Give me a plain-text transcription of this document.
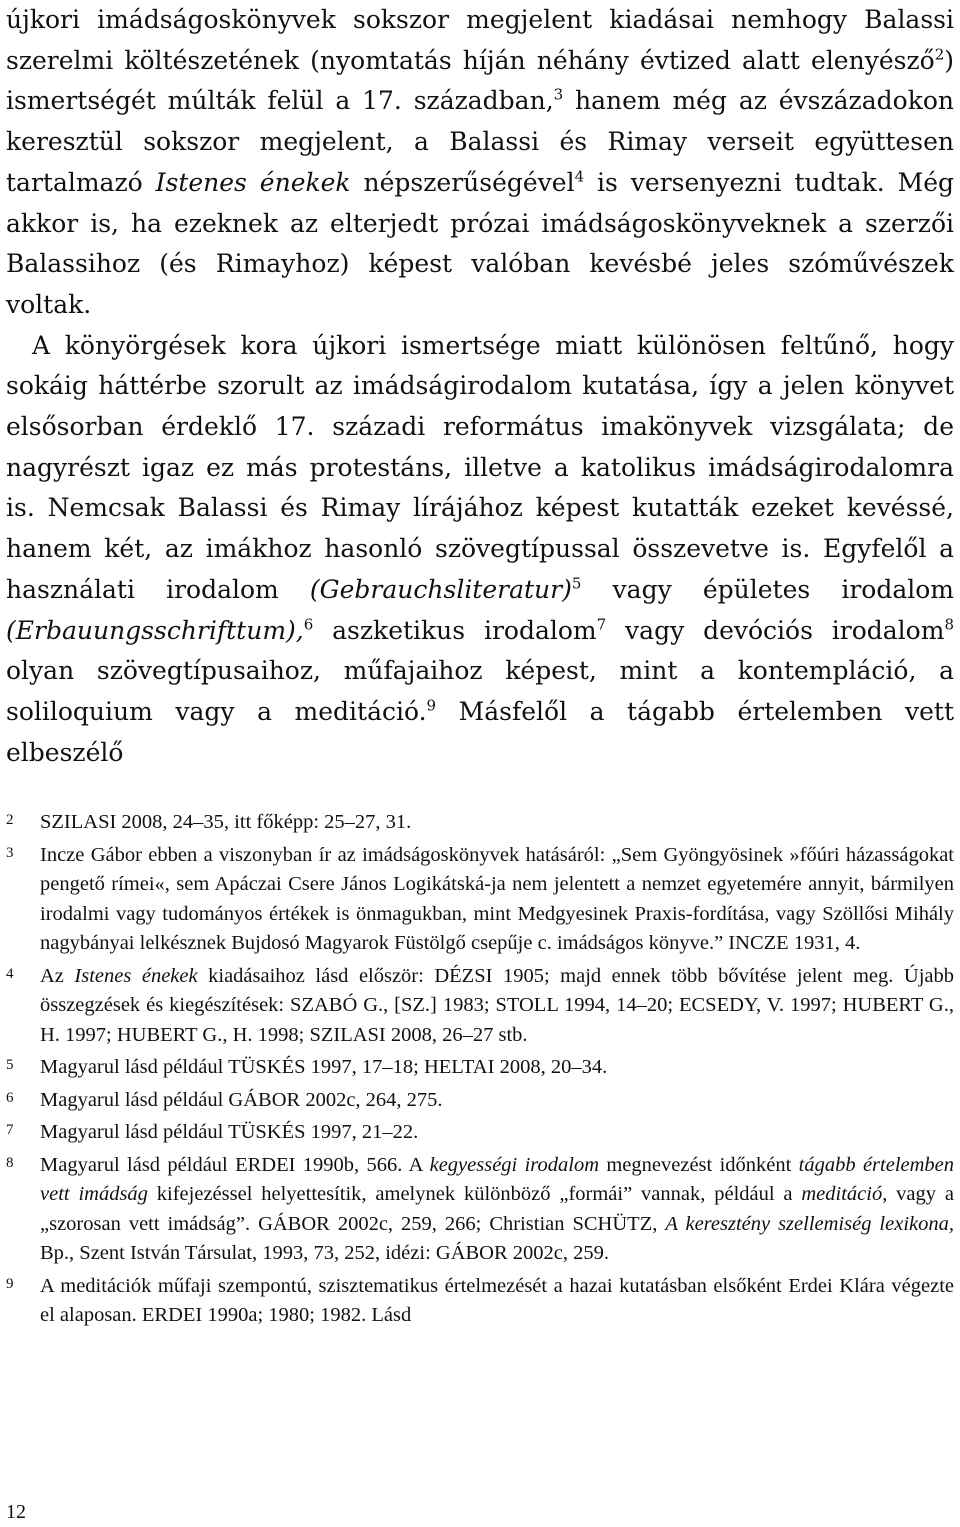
újkori imádságoskönyvek sokszor megjelent kiadásai nemhogy Balassi szerelmi költészetének (nyomtatás híján néhány évtized alatt elenyésző$^2$) ismertségét múlták felül a 17. században,$^3$ hanem még az évszázadokon keresztül sokszor megjelent, a Balassi és Rimay verseit együttesen tartalmazó Istenes énekek népszerűségével$^4$ is versenyezni tudtak. Még akkor is, ha ezeknek az elterjedt prózai imádságoskönyveknek a szerzői Balassihoz (és Rimayhoz) képest valóban kevésbé jeles szóművészek voltak.

A könyörgések kora újkori ismertsége miatt különösen feltűnő, hogy sokáig háttérbe szorult az imádságirodalom kutatása, így a jelen könyvet elsősorban érdeklő 17. századi református imakönyvek vizsgálata; de nagyrészt igaz ez más protestáns, illetve a katolikus imádságirodalomra is. Nemcsak Balassi és Rimay lírájához képest kutatták ezeket kevéssé, hanem két, az imákhoz hasonló szövegtípussal összevetve is. Egyfelől a használati irodalom (Gebrauchsliteratur)$^5$ vagy épületes irodalom (Erbauungsschrifttum),$^6$ aszketikus irodalom$^7$ vagy devóciós irodalom$^8$ olyan szövegtípusaihoz, műfajaihoz képest, mint a kontempláció, a soliloquium vagy a meditáció.$^9$ Másfelől a tágabb értelemben vett elbeszélő

2	SZILASI 2008, 24–35, itt főképp: 25–27, 31.
3	Incze Gábor ebben a viszonyban ír az imádságoskönyvek hatásáról: „Sem Gyöngyösinek »főúri házasságokat pengető rímei«, sem Apáczai Csere János Logikátská-ja nem jelentett a nemzet egyetemére annyit, bármilyen irodalmi vagy tudományos értékek is önmagukban, mint Medgyesinek Praxis-fordítása, vagy Szöllősi Mihály nagybányai lelkésznek Bujdosó Magyarok Füstölgő csepűje c. imádságos könyve.” INCZE 1931, 4.
4	Az Istenes énekek kiadásaihoz lásd először: DÉZSI 1905; majd ennek több bővítése jelent meg. Újabb összegzések és kiegészítések: SZABÓ G., [SZ.] 1983; STOLL 1994, 14–20; ECSEDY, V. 1997; HUBERT G., H. 1997; HUBERT G., H. 1998; SZILASI 2008, 26–27 stb.
5	Magyarul lásd például TÜSKÉS 1997, 17–18; HELTAI 2008, 20–34.
6	Magyarul lásd például GÁBOR 2002c, 264, 275.
7	Magyarul lásd például TÜSKÉS 1997, 21–22.
8	Magyarul lásd például ERDEI 1990b, 566. A kegyességi irodalom megnevezést időnként tágabb értelemben vett imádság kifejezéssel helyettesítik, amelynek különböző „formái” vannak, például a meditáció, vagy a „szorosan vett imádság”. GÁBOR 2002c, 259, 266; Christian SCHÜTZ, A keresztény szellemiség lexikona, Bp., Szent István Társulat, 1993, 73, 252, idézi: GÁBOR 2002c, 259.
9	A meditációk műfaji szempontú, szisztematikus értelmezését a hazai kutatásban elsőként Erdei Klára végezte el alaposan. ERDEI 1990a; 1980; 1982. Lásd
12
